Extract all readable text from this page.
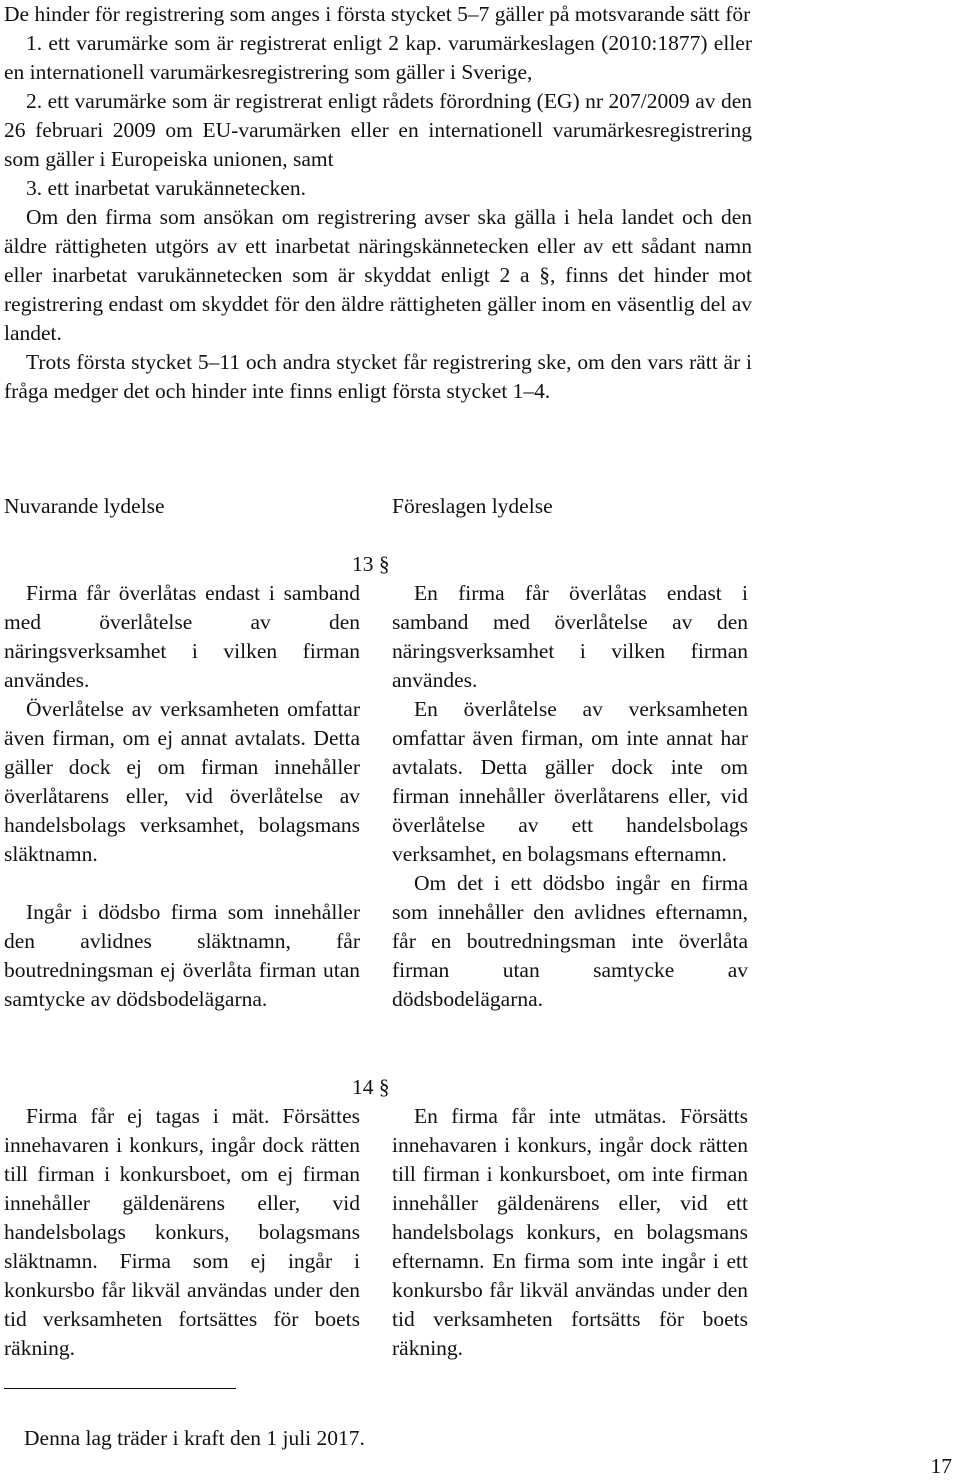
De hinder för registrering som anges i första stycket 5–7 gäller på motsvarande sätt för

1. ett varumärke som är registrerat enligt 2 kap. varumärkeslagen (2010:1877) eller en internationell varumärkesregistrering som gäller i Sverige,

2. ett varumärke som är registrerat enligt rådets förordning (EG) nr 207/2009 av den 26 februari 2009 om EU-varumärken eller en internationell varumärkesregistrering som gäller i Europeiska unionen, samt

3. ett inarbetat varukännetecken.

Om den firma som ansökan om registrering avser ska gälla i hela landet och den äldre rättigheten utgörs av ett inarbetat näringskännetecken eller av ett sådant namn eller inarbetat varukännetecken som är skyddat enligt 2 a §, finns det hinder mot registrering endast om skyddet för den äldre rättigheten gäller inom en väsentlig del av landet.

Trots första stycket 5–11 och andra stycket får registrering ske, om den vars rätt är i fråga medger det och hinder inte finns enligt första stycket 1–4.

Nuvarande lydelse	Föreslagen lydelse
13 §

Firma får överlåtas endast i samband med överlåtelse av den näringsverksamhet i vilken firman användes.

Överlåtelse av verksamheten omfattar även firman, om ej annat avtalats. Detta gäller dock ej om firman innehåller överlåtarens eller, vid överlåtelse av handelsbolags verksamhet, bolagsmans släktnamn.

Ingår i dödsbo firma som innehåller den avlidnes släktnamn, får boutredningsman ej överlåta firman utan samtycke av dödsbodelägarna.

En firma får överlåtas endast i samband med överlåtelse av den näringsverksamhet i vilken firman användes.

En överlåtelse av verksamheten omfattar även firman, om inte annat har avtalats. Detta gäller dock inte om firman innehåller överlåtarens eller, vid överlåtelse av ett handelsbolags verksamhet, en bolagsmans efternamn.

Om det i ett dödsbo ingår en firma som innehåller den avlidnes efternamn, får en boutredningsman inte överlåta firman utan samtycke av dödsbodelägarna.

14 §

Firma får ej tagas i mät. Försättes innehavaren i konkurs, ingår dock rätten till firman i konkursboet, om ej firman innehåller gäldenärens eller, vid handelsbolags konkurs, bolagsmans släktnamn. Firma som ej ingår i konkursbo får likväl användas under den tid verksamheten fortsättes för boets räkning.

En firma får inte utmätas. Försätts innehavaren i konkurs, ingår dock rätten till firman i konkursboet, om inte firman innehåller gäldenärens eller, vid ett handelsbolags konkurs, en bolagsmans efternamn. En firma som inte ingår i ett konkursbo får likväl användas under den tid verksamheten fortsätts för boets räkning.

Denna lag träder i kraft den 1 juli 2017.
17
